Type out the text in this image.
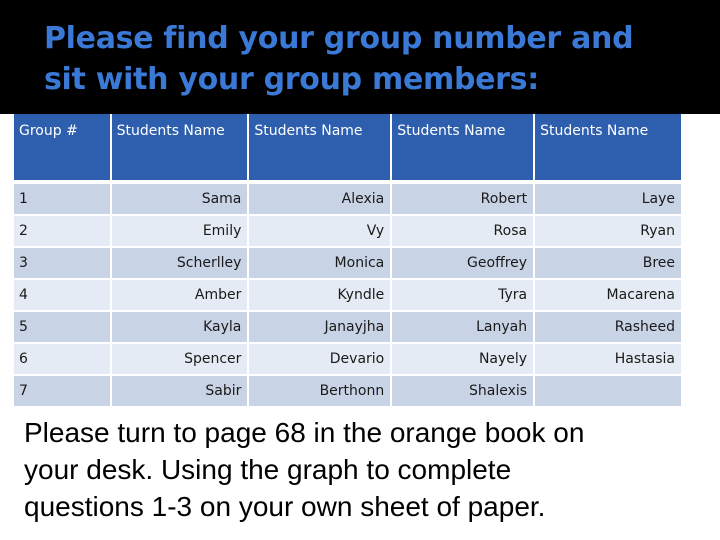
Please find your group number and
sit with your group members:
Group #	Students Name	Students Name	Students Name	Students Name
1	Sama	Alexia	Robert	Laye
2	Emily	Vy	Rosa	Ryan
3	Scherlley	Monica	Geoffrey	Bree
4	Amber	Kyndle	Tyra	Macarena
5	Kayla	Janayjha	Lanyah	Rasheed
6	Spencer	Devario	Nayely	Hastasia
7	Sabir	Berthonn	Shalexis	
Please turn to page 68 in the orange book on
your desk. Using the graph to complete
questions 1-3 on your own sheet of paper.
